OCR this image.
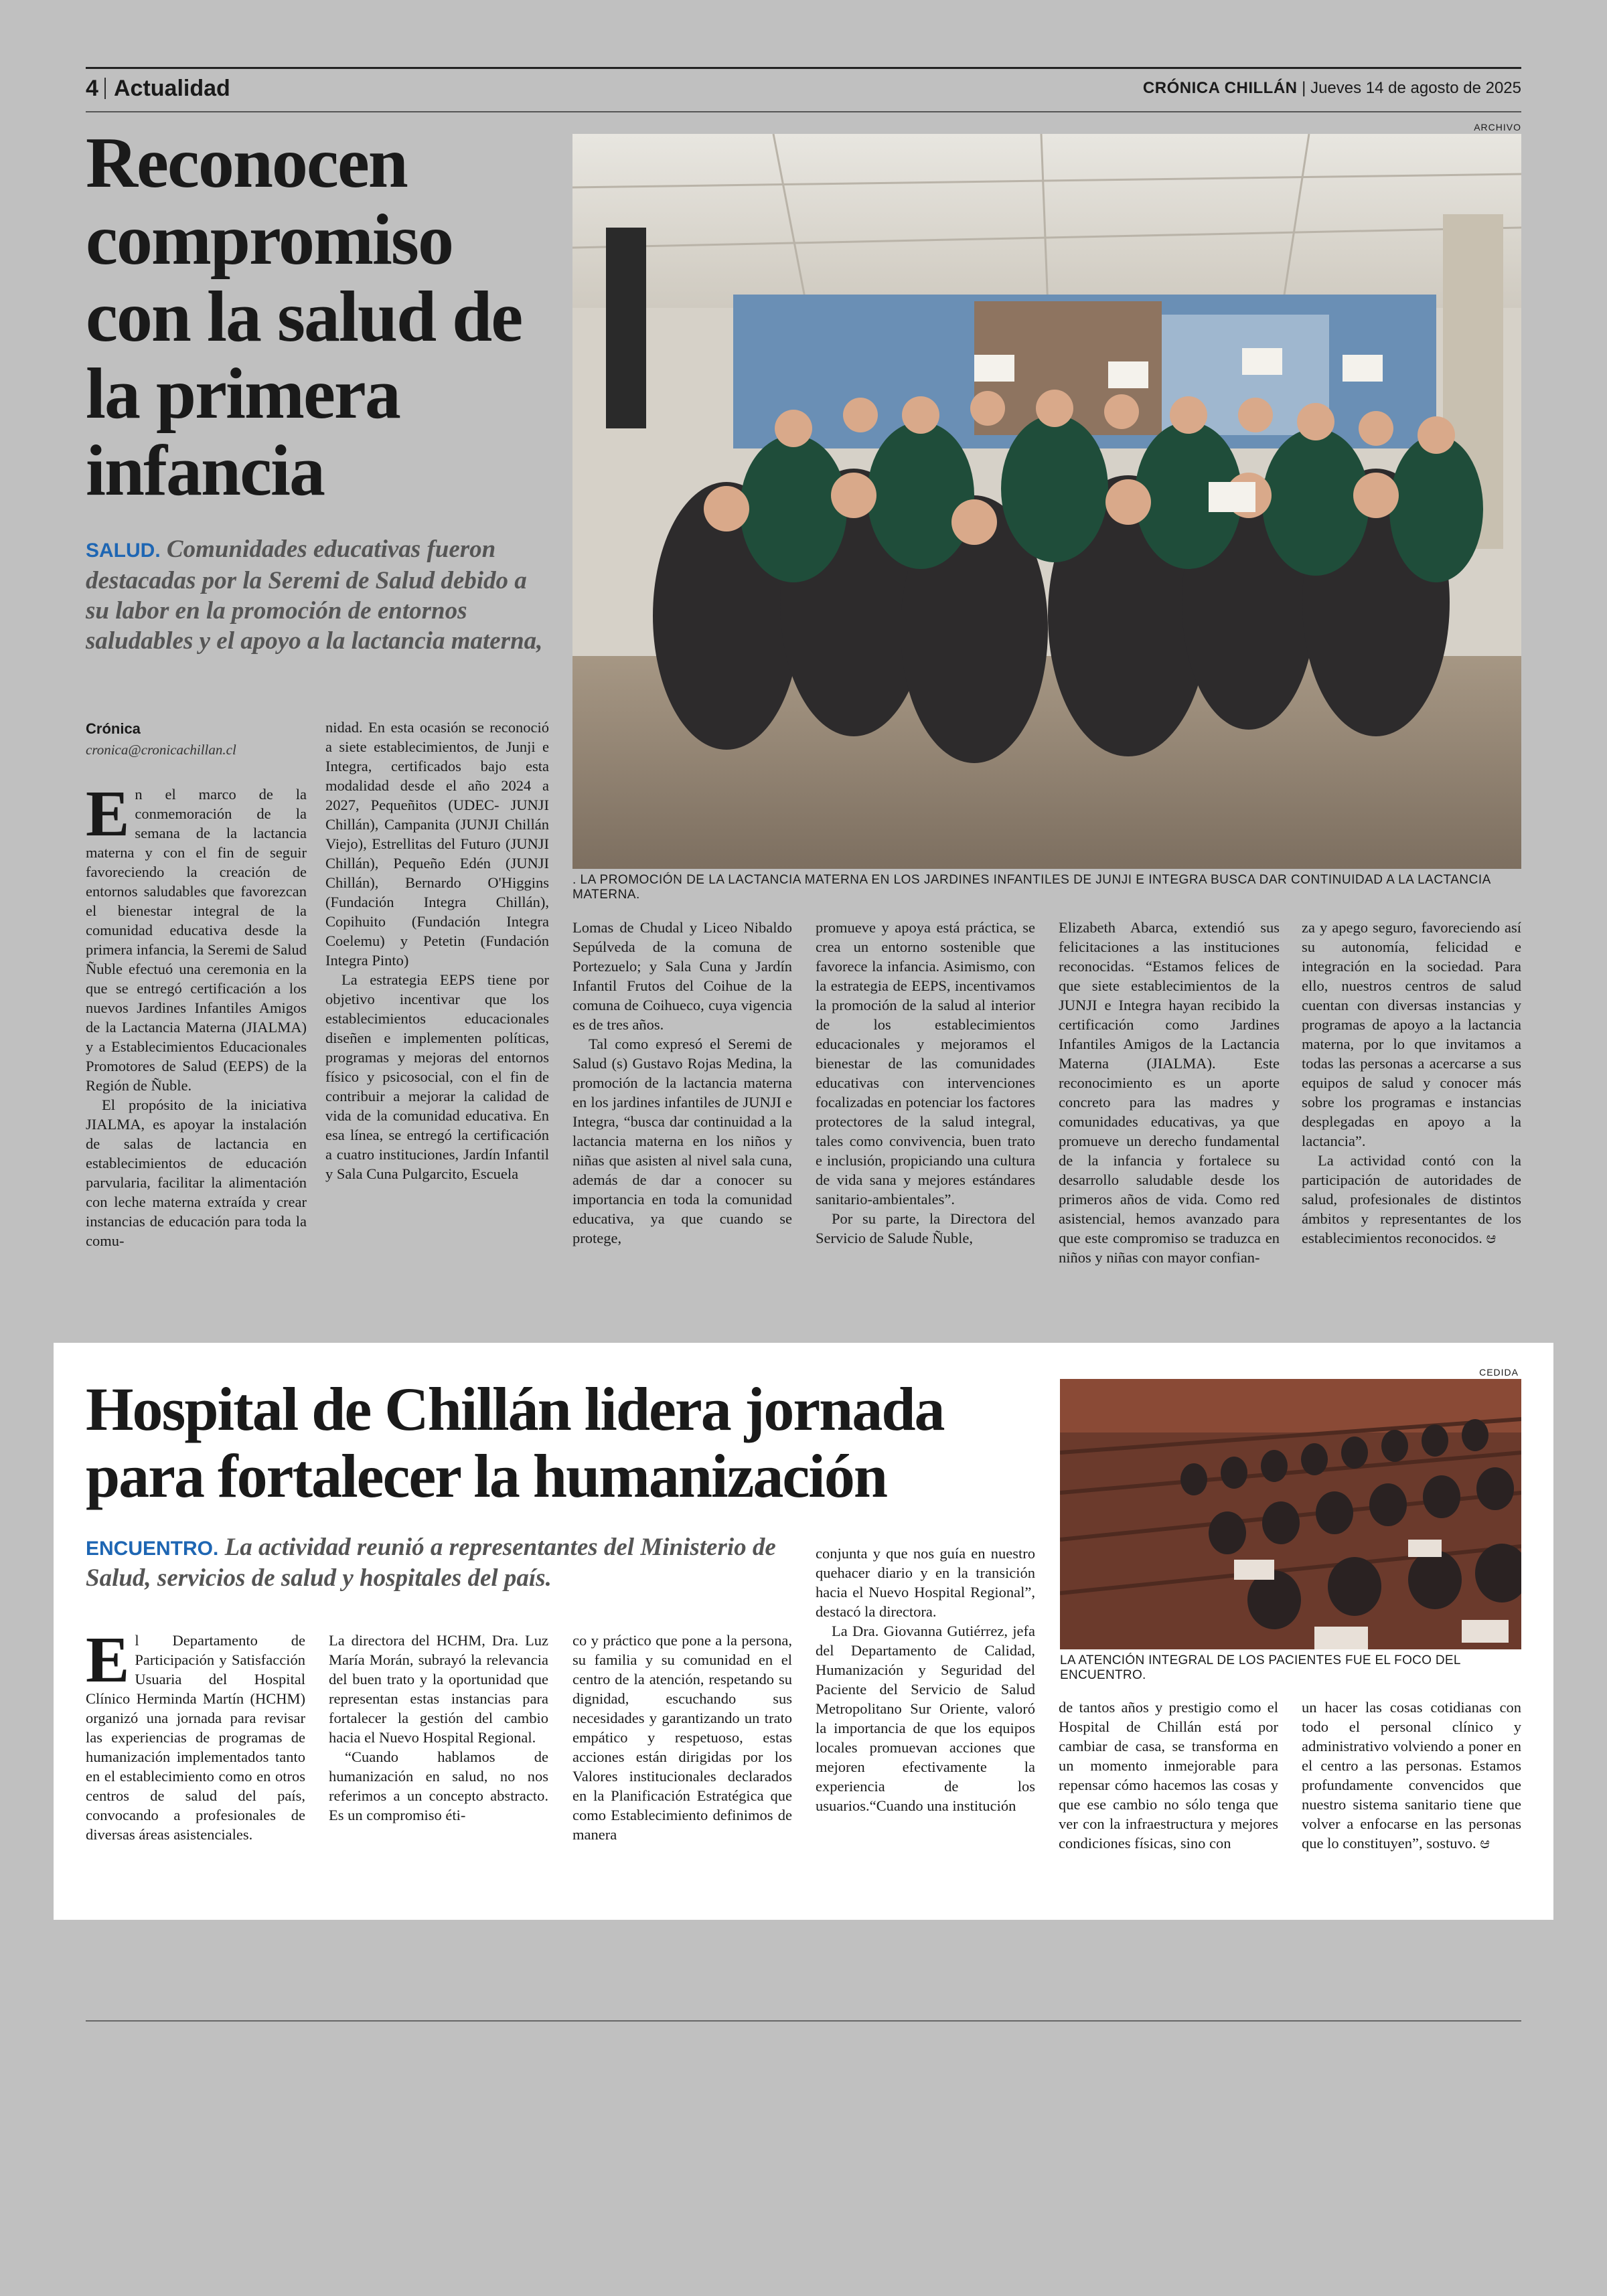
4 Actualidad	CRÓNICA CHILLÁN | Jueves 14 de agosto de 2025
Reconocen compromiso con la salud de la primera infancia

SALUD. Comunidades educativas fueron destacadas por la Seremi de Salud debido a su labor en la promoción de entornos saludables y el apoyo a la lactancia materna,

Crónica
cronica@cronicachillan.cl

En el marco de la conmemoración de la semana de la lactancia materna y con el fin de seguir favoreciendo la creación de entornos saludables que favorezcan el bienestar integral de la comunidad educativa desde la primera infancia, la Seremi de Salud Ñuble efectuó una ceremonia en la que se entregó certificación a los nuevos Jardines Infantiles Amigos de la Lactancia Materna (JIALMA) y a Establecimientos Educacionales Promotores de Salud (EEPS) de la Región de Ñuble.

El propósito de la iniciativa JIALMA, es apoyar la instalación de salas de lactancia en establecimientos de educación parvularia, facilitar la alimentación con leche materna extraída y crear instancias de educación para toda la comu-

nidad. En esta ocasión se reconoció a siete establecimientos, de Junji e Integra, certificados bajo esta modalidad desde el año 2024 a 2027, Pequeñitos (UDEC- JUNJI Chillán), Campanita (JUNJI Chillán Viejo), Estrellitas del Futuro (JUNJI Chillán), Pequeño Edén (JUNJI Chillán), Bernardo O'Higgins (Fundación Integra Chillán), Copihuito (Fundación Integra Coelemu) y Petetin (Fundación Integra Pinto)

La estrategia EEPS tiene por objetivo incentivar que los establecimientos educacionales diseñen e implementen políticas, programas y mejoras del entornos físico y psicosocial, con el fin de contribuir a mejorar la calidad de vida de la comunidad educativa. En esa línea, se entregó la certificación a cuatro instituciones, Jardín Infantil y Sala Cuna Pulgarcito, Escuela

Lomas de Chudal y Liceo Nibaldo Sepúlveda de la comuna de Portezuelo; y Sala Cuna y Jardín Infantil Frutos del Coihue de la comuna de Coihueco, cuya vigencia es de tres años.

Tal como expresó el Seremi de Salud (s) Gustavo Rojas Medina, la promoción de la lactancia materna en los jardines infantiles de JUNJI e Integra, “busca dar continuidad a la lactancia materna en los niños y niñas que asisten al nivel sala cuna, además de dar a conocer su importancia en toda la comunidad educativa, ya que cuando se protege,

promueve y apoya está práctica, se crea un entorno sostenible que favorece la infancia. Asimismo, con la estrategia de EEPS, incentivamos la promoción de la salud al interior de los establecimientos educacionales y mejoramos el bienestar de las comunidades educativas con intervenciones focalizadas en potenciar los factores protectores de la salud integral, tales como convivencia, buen trato e inclusión, propiciando una cultura de vida sana y mejores estándares sanitario-ambientales”.

Por su parte, la Directora del Servicio de Salude Ñuble,

Elizabeth Abarca, extendió sus felicitaciones a las instituciones reconocidas. “Estamos felices de que siete establecimientos de la JUNJI e Integra hayan recibido la certificación como Jardines Infantiles Amigos de la Lactancia Materna (JIALMA). Este reconocimiento es un aporte concreto para las madres y comunidades educativas, ya que promueve un derecho fundamental de la infancia y fortalece su desarrollo saludable desde los primeros años de vida. Como red asistencial, hemos avanzado para que este compromiso se traduzca en niños y niñas con mayor confian-

za y apego seguro, favoreciendo así su autonomía, felicidad e integración en la sociedad. Para ello, nuestros centros de salud cuentan con diversas instancias y programas de apoyo a la lactancia materna, por lo que invitamos a todas las personas a acercarse a sus equipos de salud y conocer más sobre los programas e instancias desplegadas en apoyo a la lactancia”.

La actividad contó con la participación de autoridades de salud, profesionales de distintos ámbitos y representantes de los establecimientos reconocidos. ಆ

ARCHIVO
. LA PROMOCIÓN DE LA LACTANCIA MATERNA EN LOS JARDINES INFANTILES DE JUNJI E INTEGRA BUSCA DAR CONTINUIDAD A LA LACTANCIA MATERNA.
CEDIDA
Hospital de Chillán lidera jornada para fortalecer la humanización

ENCUENTRO. La actividad reunió a representantes del Ministerio de Salud, servicios de salud y hospitales del país.

LA ATENCIÓN INTEGRAL DE LOS PACIENTES FUE EL FOCO DEL ENCUENTRO.

El Departamento de Participación y Satisfacción Usuaria del Hospital Clínico Herminda Martín (HCHM) organizó una jornada para revisar las experiencias de programas de humanización implementados tanto en el establecimiento como en otros centros de salud del país, convocando a profesionales de diversas áreas asistenciales.

La directora del HCHM, Dra. Luz María Morán, subrayó la relevancia del buen trato y la oportunidad que representan estas instancias para fortalecer la gestión del cambio hacia el Nuevo Hospital Regional.

“Cuando hablamos de humanización en salud, no nos referimos a un concepto abstracto. Es un compromiso éti-

co y práctico que pone a la persona, su familia y su comunidad en el centro de la atención, respetando su dignidad, escuchando sus necesidades y garantizando un trato empático y respetuoso, estas acciones están dirigidas por los Valores institucionales declarados en la Planificación Estratégica que como Establecimiento definimos de manera

conjunta y que nos guía en nuestro quehacer diario y en la transición hacia el Nuevo Hospital Regional”, destacó la directora.

La Dra. Giovanna Gutiérrez, jefa del Departamento de Calidad, Humanización y Seguridad del Paciente del Servicio de Salud Metropolitano Sur Oriente, valoró la importancia de que los equipos locales promuevan acciones que mejoren efectivamente la experiencia de los usuarios.“Cuando una institución

de tantos años y prestigio como el Hospital de Chillán está por cambiar de casa, se transforma en un momento inmejorable para repensar cómo hacemos las cosas y que ese cambio no sólo tenga que ver con la infraestructura y mejores condiciones físicas, sino con

un hacer las cosas cotidianas con todo el personal clínico y administrativo volviendo a poner en el centro a las personas. Estamos profundamente convencidos que nuestro sistema sanitario tiene que volver a enfocarse en las personas que lo constituyen”, sostuvo. ಆ
